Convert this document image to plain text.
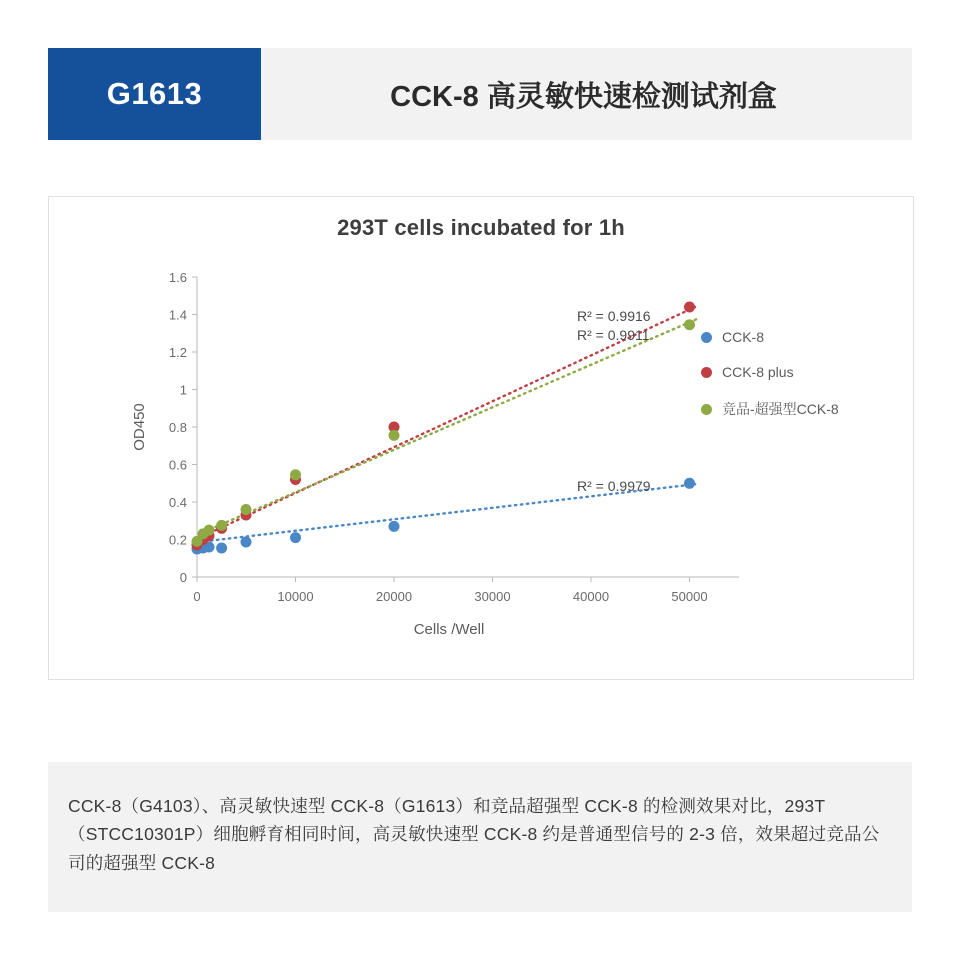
G1613	CCK-8 高灵敏快速检测试剂盒
293T cells incubated for 1h
0
0.2
0.4
0.6
0.8
1
1.2
1.4
1.6
0	10000	20000	30000	40000	50000
OD450
Cells /Well
R² = 0.9916
R² = 0.9911
R² = 0.9979
CCK-8
CCK-8 plus
竞品-超强型CCK-8
CCK-8（G4103）、高灵敏快速型 CCK-8（G1613）和竞品超强型 CCK-8 的检测效果对比，293T（STCC10301P）细胞孵育相同时间，高灵敏快速型 CCK-8 约是普通型信号的 2-3 倍，效果超过竞品公司的超强型 CCK-8
